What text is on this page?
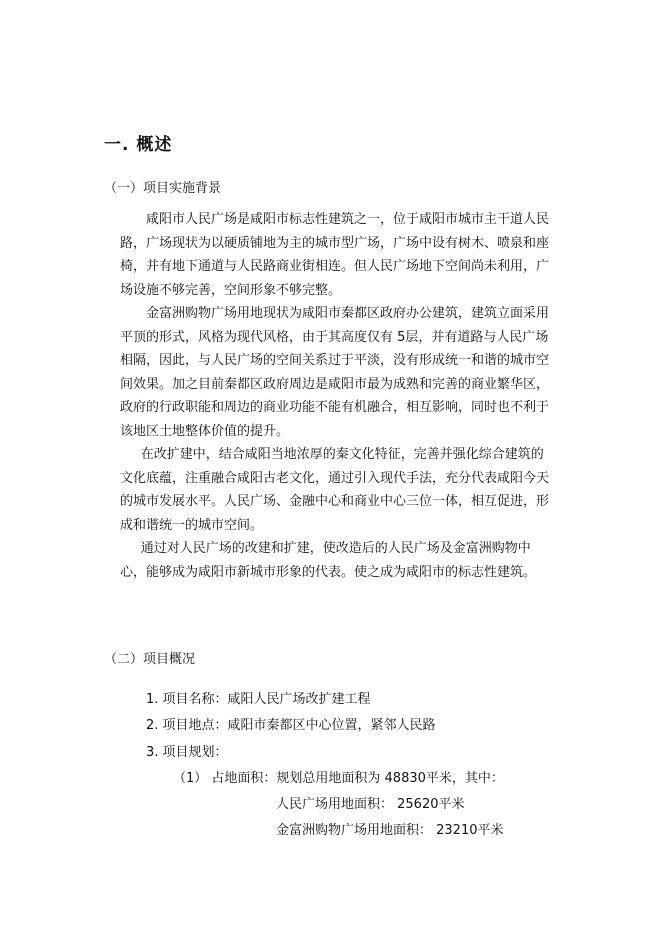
一. 概述
（一）项目实施背景

咸阳市人民广场是咸阳市标志性建筑之一，位于咸阳市城市主干道人民路，广场现状为以硬质铺地为主的城市型广场，广场中设有树木、喷泉和座椅，并有地下通道与人民路商业街相连。但人民广场地下空间尚未利用，广场设施不够完善，空间形象不够完整。

金富洲购物广场用地现状为咸阳市秦都区政府办公建筑，建筑立面采用平顶的形式，风格为现代风格，由于其高度仅有 5层，并有道路与人民广场相隔，因此，与人民广场的空间关系过于平淡，没有形成统一和谐的城市空间效果。加之目前秦都区政府周边是咸阳市最为成熟和完善的商业繁华区，政府的行政职能和周边的商业功能不能有机融合，相互影响，同时也不利于该地区土地整体价值的提升。

在改扩建中，结合咸阳当地浓厚的秦文化特征，完善并强化综合建筑的文化底蕴，注重融合咸阳古老文化，通过引入现代手法，充分代表咸阳今天的城市发展水平。人民广场、金融中心和商业中心三位一体，相互促进，形成和谐统一的城市空间。

通过对人民广场的改建和扩建，使改造后的人民广场及金富洲购物中心，能够成为咸阳市新城市形象的代表。使之成为咸阳市的标志性建筑。

（二）项目概况
1. 项目名称：咸阳人民广场改扩建工程
2. 项目地点：咸阳市秦都区中心位置，紧邻人民路
3. 项目规划：
（1） 占地面积：规划总用地面积为 48830平米，其中：
人民广场用地面积： 25620平米
金富洲购物广场用地面积： 23210平米
